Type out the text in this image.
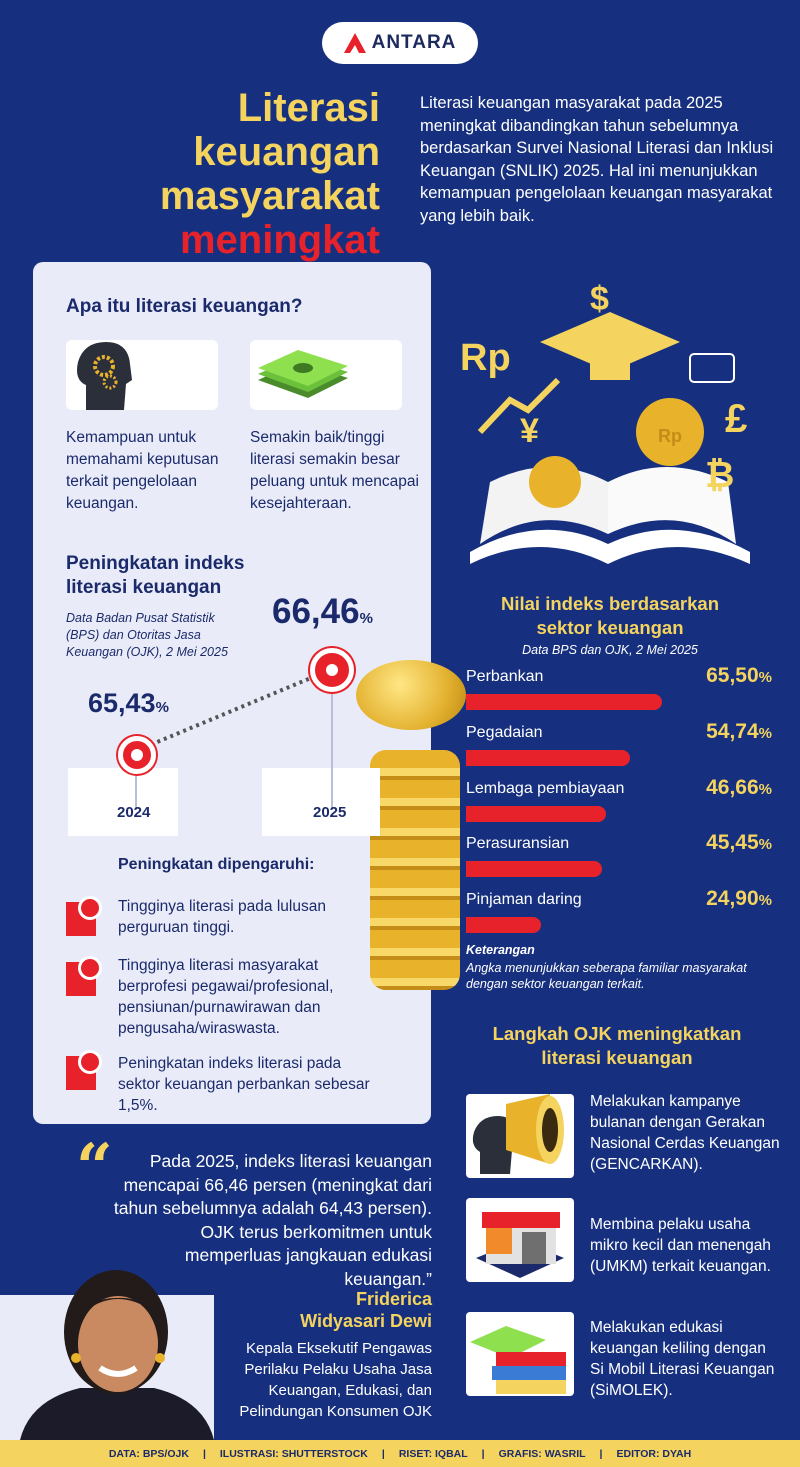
ANTARA
Literasi
keuangan
masyarakat
meningkat
Literasi keuangan masyarakat pada 2025 meningkat dibandingkan tahun sebelumnya berdasarkan Survei Nasional Literasi dan Inklusi Keuangan (SNLIK) 2025. Hal ini menunjukkan kemampuan pengelolaan keuangan masyarakat yang lebih baik.
Apa itu literasi keuangan?
Kemampuan untuk memahami keputusan terkait pengelolaan keuangan.
Semakin baik/tinggi literasi semakin besar peluang untuk mencapai kesejahteraan.
Peningkatan indeks
literasi keuangan
Data Badan Pusat Statistik (BPS) dan Otoritas Jasa Keuangan (OJK), 2 Mei 2025
65,43%
66,46%
2024	2025
Peningkatan dipengaruhi:
Tingginya literasi pada lulusan perguruan tinggi.
Tingginya literasi masyarakat berprofesi pegawai/profesional, pensiunan/purnawirawan dan pengusaha/wiraswasta.
Peningkatan indeks literasi pada sektor keuangan perbankan sebesar 1,5%.
Rp
$
£
₿
¥	Rp
Nilai indeks berdasarkan
sektor keuangan
Data BPS dan OJK, 2 Mei 2025
Perbankan	65,50%
Pegadaian	54,74%
Lembaga pembiayaan	46,66%
Perasuransian	45,45%
Pinjaman daring	24,90%
Keterangan
Angka menunjukkan seberapa familiar masyarakat dengan sektor keuangan terkait.
Langkah OJK meningkatkan
literasi keuangan
Melakukan kampanye bulanan dengan Gerakan Nasional Cerdas Keuangan (GENCARKAN).
Membina pelaku usaha mikro kecil dan menengah (UMKM) terkait keuangan.
Melakukan edukasi keuangan keliling dengan Si Mobil Literasi Keuangan (SiMOLEK).
“	Pada 2025, indeks literasi keuangan mencapai 66,46 persen (meningkat dari tahun sebelumnya adalah 64,43 persen). OJK terus berkomitmen untuk memperluas jangkauan edukasi keuangan.”
Friderica
Widyasari Dewi
Kepala Eksekutif Pengawas Perilaku Pelaku Usaha Jasa Keuangan, Edukasi, dan Pelindungan Konsumen OJK
DATA: BPS/OJK | ILUSTRASI: SHUTTERSTOCK | RISET: IQBAL | GRAFIS: WASRIL | EDITOR: DYAH
